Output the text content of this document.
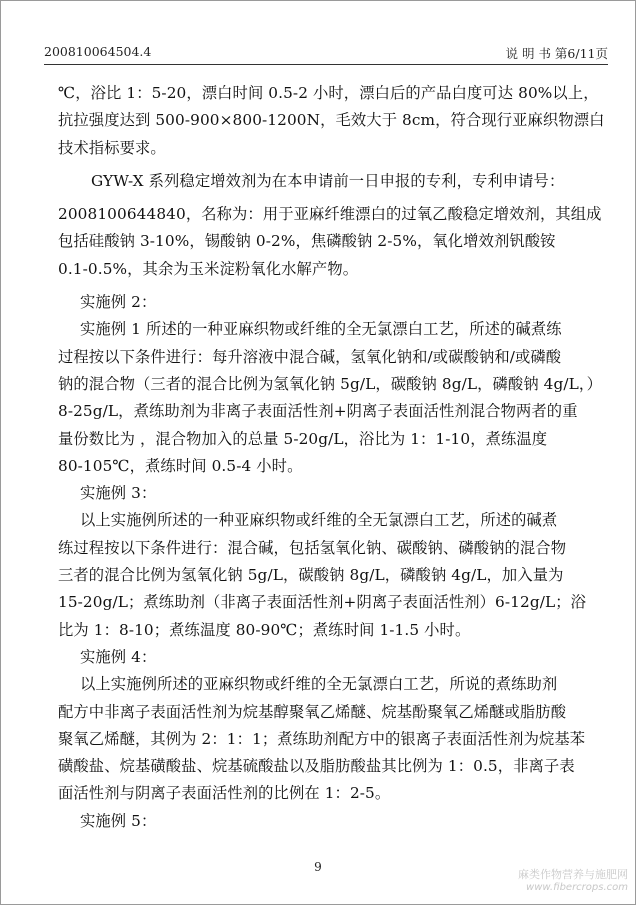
200810064504.4	说 明 书 第6/11页
℃，浴比 1：5-20，漂白时间 0.5-2 小时，漂白后的产品白度可达 80%以上，
抗拉强度达到 500-900×800-1200N，毛效大于 8cm，符合现行亚麻织物漂白
技术指标要求。
GYW-X 系列稳定增效剂为在本申请前一日申报的专利，专利申请号：
200810064484​0，名称为：用于亚麻纤维漂白的过氧乙酸稳定增效剂，其组成
包括硅酸钠 3-10%，锡酸钠 0-2%，焦磷酸钠 2-5%，氧化增效剂钒酸铵
0.1-0.5%，其余为玉米淀粉氧化水解产物。
实施例 2：
实施例 1 所述的一种亚麻织物或纤维的全无氯漂白工艺，所述的碱煮练
过程按以下条件进行：每升溶液中混合碱，氢氧化钠和/或碳酸钠和/或磷酸
钠的混合物（三者的混合比例为氢氧化钠 5g/L，碳酸钠 8g/L，磷酸钠 4g/L，）
8-25g/L，煮练助剂为非离子表面活性剂+阴离子表面活性剂混合物两者的重
量份数比为 ，混合物加入的总量 5-20g/L，浴比为 1：1-10，煮练温度
80-105℃，煮练时间 0.5-4 小时。
实施例 3：
以上实施例所述的一种亚麻织物或纤维的全无氯漂白工艺，所述的碱煮
练过程按以下条件进行：混合碱，包括氢氧化钠、碳酸钠、磷酸钠的混合物
三者的混合比例为氢氧化钠 5g/L，碳酸钠 8g/L，磷酸钠 4g/L，加入量为
15-20g/L；煮练助剂（非离子表面活性剂+阴离子表面活性剂）6-12g/L；浴
比为 1：8-10；煮练温度 80-90℃；煮练时间 1-1.5 小时。
实施例 4：
以上实施例所述的亚麻织物或纤维的全无氯漂白工艺，所说的煮练助剂
配方中非离子表面活性剂为烷基醇聚氧乙烯醚、烷基酚聚氧乙烯醚或脂肪酸
聚氧乙烯醚，其例为 2：1：1；煮练助剂配方中的银离子表面活性剂为烷基苯
磺酸盐、烷基磺酸盐、烷基硫酸盐以及脂肪酸盐其比例为 1：0.5，非离子表
面活性剂与阴离子表面活性剂的比例在 1：2-5。
实施例 5：
9
麻类作物营养与施肥网
www.fibercrops.com
